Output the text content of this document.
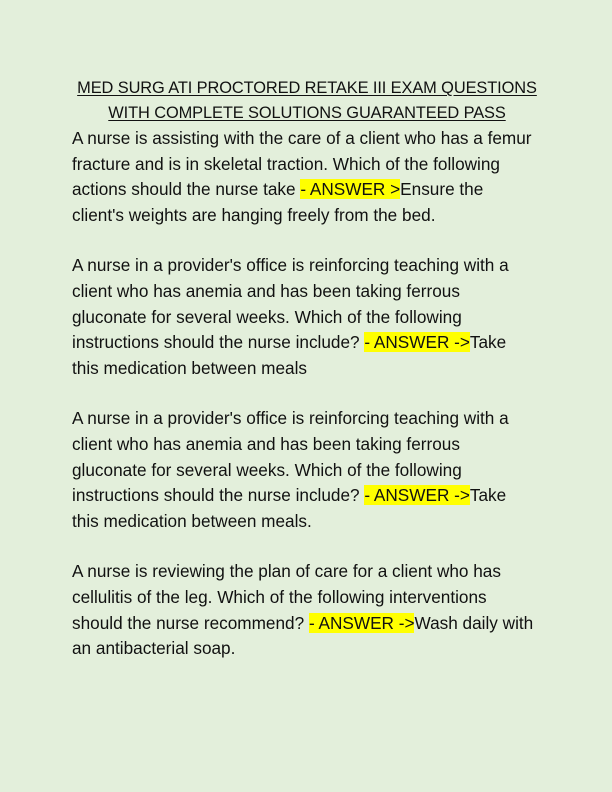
MED SURG ATI PROCTORED RETAKE III EXAM QUESTIONS
WITH COMPLETE SOLUTIONS GUARANTEED PASS

A nurse is assisting with the care of a client who has a femur fracture and is in skeletal traction. Which of the following actions should the nurse take - ANSWER >Ensure the client's weights are hanging freely from the bed.

A nurse in a provider's office is reinforcing teaching with a client who has anemia and has been taking ferrous gluconate for several weeks. Which of the following instructions should the nurse include? - ANSWER ->Take this medication between meals

A nurse in a provider's office is reinforcing teaching with a client who has anemia and has been taking ferrous gluconate for several weeks. Which of the following instructions should the nurse include? - ANSWER ->Take this medication between meals.

A nurse is reviewing the plan of care for a client who has cellulitis of the leg. Which of the following interventions should the nurse recommend? - ANSWER ->Wash daily with an antibacterial soap.
